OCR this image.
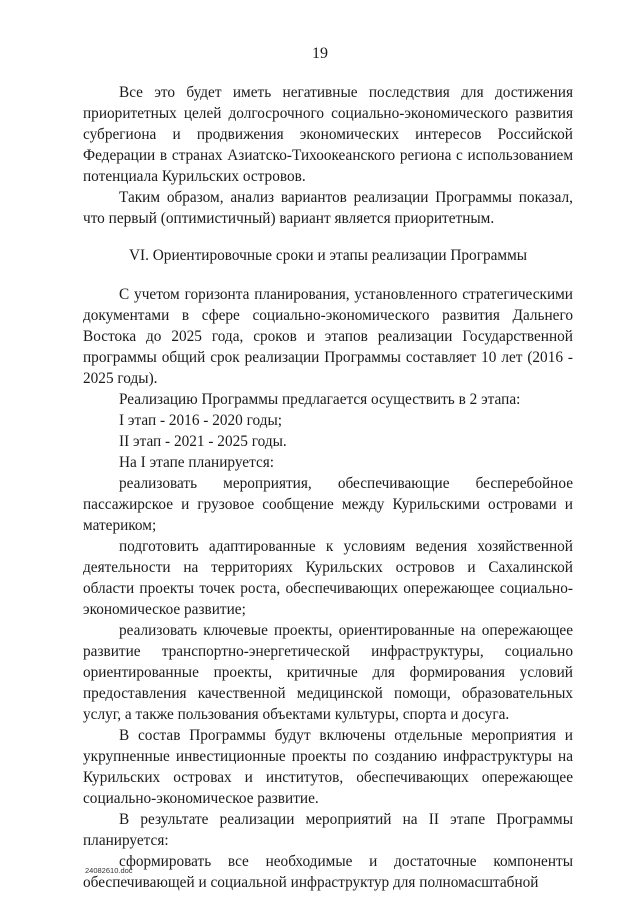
19

Все это будет иметь негативные последствия для достижения приоритетных целей долгосрочного социально-экономического развития субрегиона и продвижения экономических интересов Российской Федерации в странах Азиатско-Тихоокеанского региона с использованием потенциала Курильских островов.

Таким образом, анализ вариантов реализации Программы показал, что первый (оптимистичный) вариант является приоритетным.

VI. Ориентировочные сроки и этапы реализации Программы

С учетом горизонта планирования, установленного стратегическими документами в сфере социально-экономического развития Дальнего Востока до 2025 года, сроков и этапов реализации Государственной программы общий срок реализации Программы составляет 10 лет (2016 - 2025 годы).

Реализацию Программы предлагается осуществить в 2 этапа:

I этап - 2016 - 2020 годы;

II этап - 2021 - 2025 годы.

На I этапе планируется:

реализовать мероприятия, обеспечивающие бесперебойное пассажирское и грузовое сообщение между Курильскими островами и материком;

подготовить адаптированные к условиям ведения хозяйственной деятельности на территориях Курильских островов и Сахалинской области проекты точек роста, обеспечивающих опережающее социально-экономическое развитие;

реализовать ключевые проекты, ориентированные на опережающее развитие транспортно-энергетической инфраструктуры, социально ориентированные проекты, критичные для формирования условий предоставления качественной медицинской помощи, образовательных услуг, а также пользования объектами культуры, спорта и досуга.

В состав Программы будут включены отдельные мероприятия и укрупненные инвестиционные проекты по созданию инфраструктуры на Курильских островах и институтов, обеспечивающих опережающее социально-экономическое развитие.

В результате реализации мероприятий на II этапе Программы планируется:

сформировать все необходимые и достаточные компоненты обеспечивающей и социальной инфраструктур для полномасштабной

24082610.doc
